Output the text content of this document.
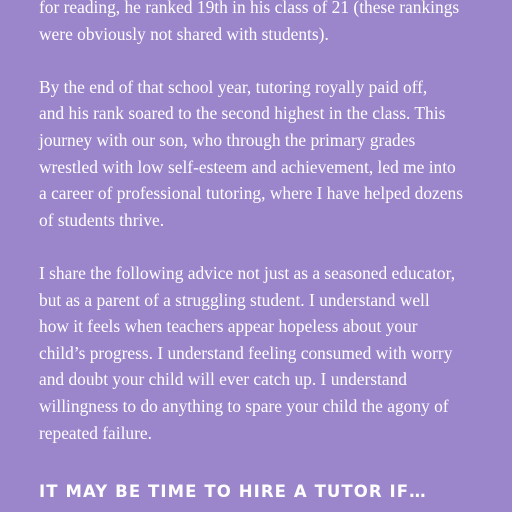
for reading, he ranked 19th in his class of 21 (these rankings
were obviously not shared with students).

By the end of that school year, tutoring royally paid off,
and his rank soared to the second highest in the class. This
journey with our son, who through the primary grades
wrestled with low self-esteem and achievement, led me into
a career of professional tutoring, where I have helped dozens
of students thrive.

I share the following advice not just as a seasoned educator,
but as a parent of a struggling student. I understand well
how it feels when teachers appear hopeless about your
child’s progress. I understand feeling consumed with worry
and doubt your child will ever catch up. I understand
willingness to do anything to spare your child the agony of
repeated failure.

IT MAY BE TIME TO HIRE A TUTOR IF…
